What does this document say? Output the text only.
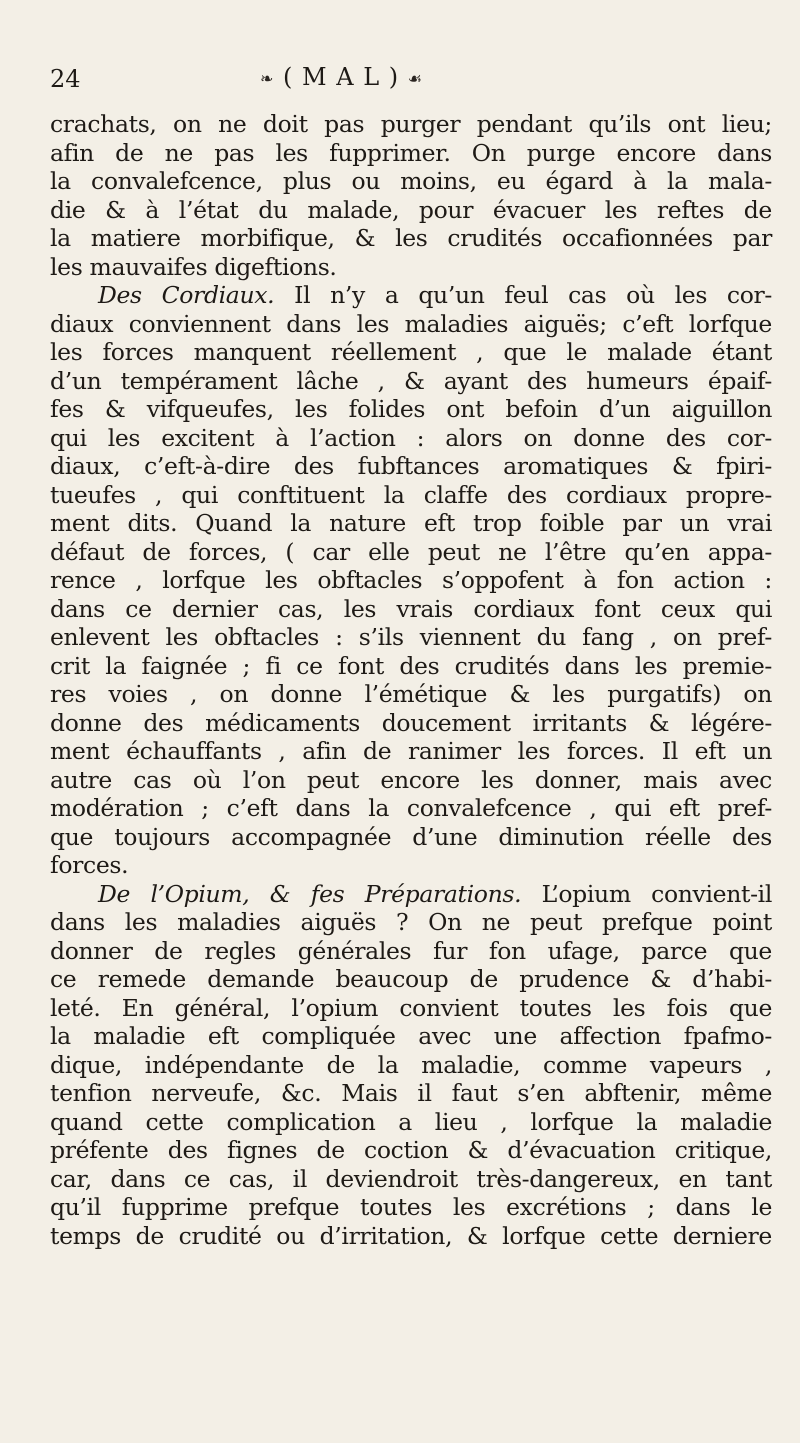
24	❧ ( M A L ) ☙
crachats, on ne doit pas purger pendant qu’ils ont lieu;
afin de ne pas les fupprimer. On purge encore dans
la convalefcence, plus ou moins, eu égard à la mala-
die & à l’état du malade, pour évacuer les reftes de
la matiere morbifique, & les crudités occafionnées par
les mauvaifes digeftions.
Des Cordiaux. Il n’y a qu’un feul cas où les cor-
diaux conviennent dans les maladies aiguës; c’eft lorfque
les forces manquent réellement , que le malade étant
d’un tempérament lâche , & ayant des humeurs épaif-
fes & vifqueufes, les folides ont befoin d’un aiguillon
qui les excitent à l’action : alors on donne des cor-
diaux, c’eft-à-dire des fubftances aromatiques & fpiri-
tueufes , qui conftituent la claffe des cordiaux propre-
ment dits. Quand la nature eft trop foible par un vrai
défaut de forces, ( car elle peut ne l’être qu’en appa-
rence , lorfque les obftacles s’oppofent à fon action :
dans ce dernier cas, les vrais cordiaux font ceux qui
enlevent les obftacles : s’ils viennent du fang , on pref-
crit la faignée ; fi ce font des crudités dans les premie-
res voies , on donne l’émétique & les purgatifs) on
donne des médicaments doucement irritants & légére-
ment échauffants , afin de ranimer les forces. Il eft un
autre cas où l’on peut encore les donner, mais avec
modération ; c’eft dans la convalefcence , qui eft pref-
que toujours accompagnée d’une diminution réelle des
forces.
De l’Opium, & fes Préparations. L’opium convient-il
dans les maladies aiguës ? On ne peut prefque point
donner de regles générales fur fon ufage, parce que
ce remede demande beaucoup de prudence & d’habi-
leté. En général, l’opium convient toutes les fois que
la maladie eft compliquée avec une affection fpafmo-
dique, indépendante de la maladie, comme vapeurs ,
tenfion nerveufe, &c. Mais il faut s’en abftenir, même
quand cette complication a lieu , lorfque la maladie
préfente des fignes de coction & d’évacuation critique,
car, dans ce cas, il deviendroit très-dangereux, en tant
qu’il fupprime prefque toutes les excrétions ; dans le
temps de crudité ou d’irritation, & lorfque cette derniere
